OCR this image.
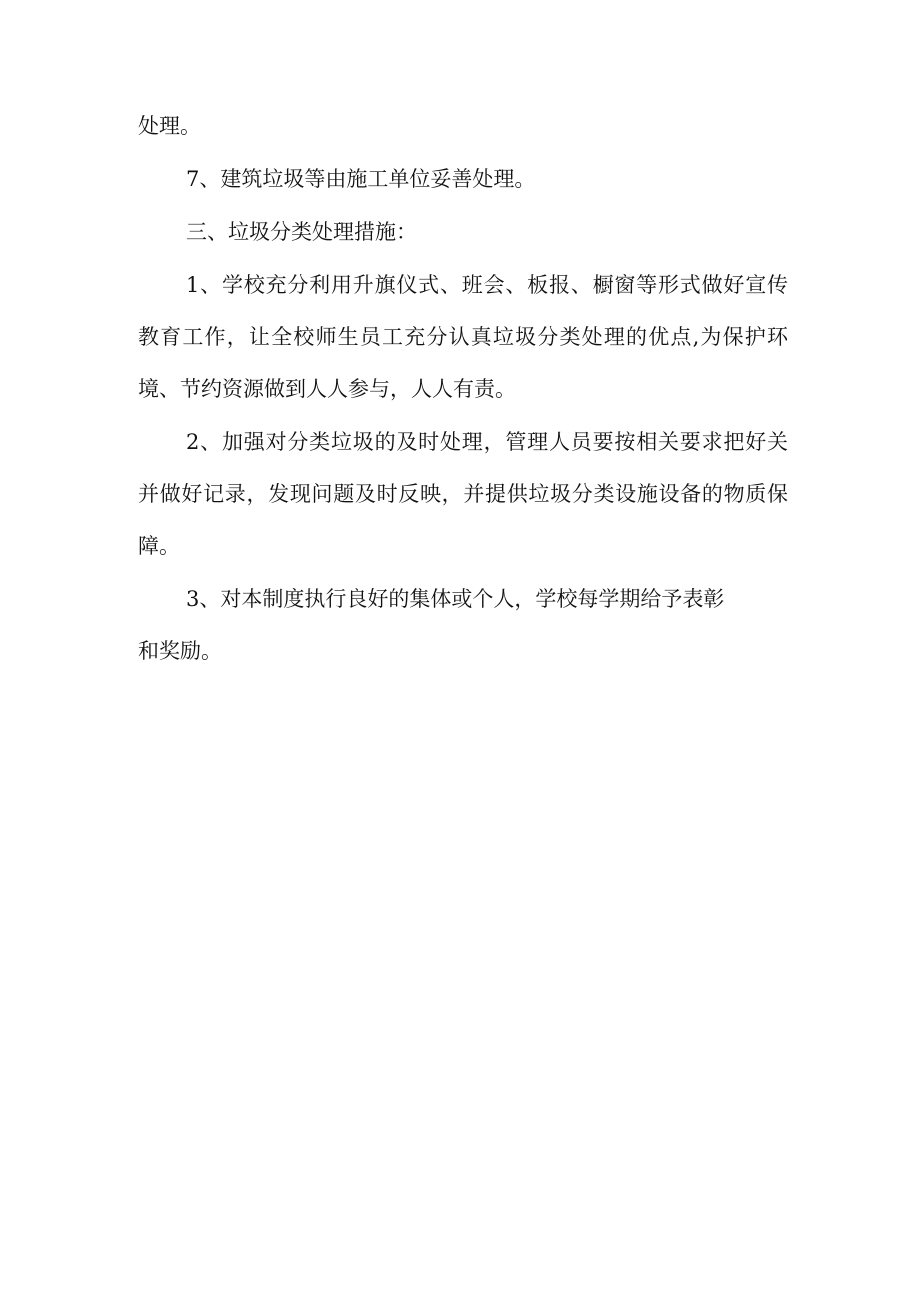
处理。

7、建筑垃圾等由施工单位妥善处理。

三、垃圾分类处理措施：

1、学校充分利用升旗仪式、班会、板报、橱窗等形式做好宣传

教育工作，让全校师生员工充分认真垃圾分类处理的优点,为保护环

境、节约资源做到人人参与，人人有责。

2、加强对分类垃圾的及时处理，管理人员要按相关要求把好关

并做好记录，发现问题及时反映，并提供垃圾分类设施设备的物质保

障。

3、对本制度执行良好的集体或个人，学校每学期给予表彰

和奖励。
